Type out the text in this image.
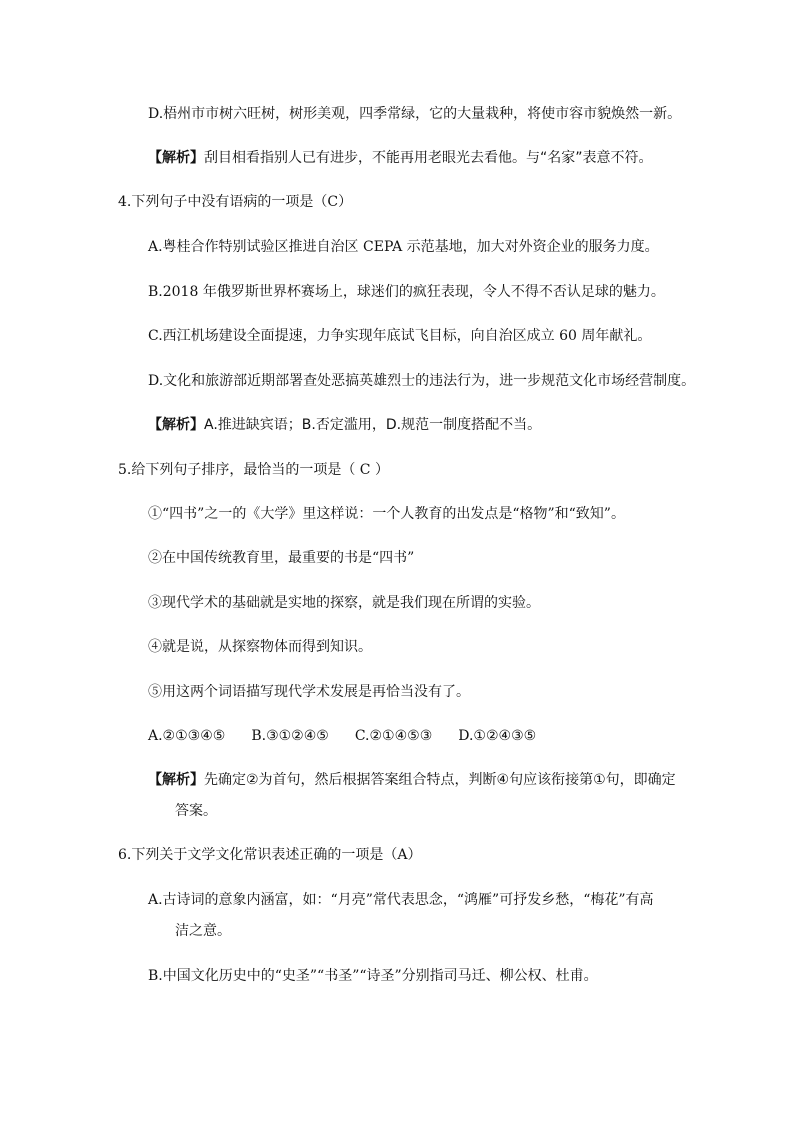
D.梧州市市树六旺树，树形美观，四季常绿，它的大量栽种，将使市容市貌焕然一新。
【解析】刮目相看指别人已有进步，不能再用老眼光去看他。与“名家”表意不符。
4.下列句子中没有语病的一项是（C）
A.粤桂合作特别试验区推进自治区 CEPA 示范基地，加大对外资企业的服务力度。
B.2018 年俄罗斯世界杯赛场上，球迷们的疯狂表现，令人不得不否认足球的魅力。
C.西江机场建设全面提速，力争实现年底试飞目标，向自治区成立 60 周年献礼。
D.文化和旅游部近期部署查处恶搞英雄烈士的违法行为，进一步规范文化市场经营制度。
【解析】A.推进缺宾语；B.否定滥用，D.规范一制度搭配不当。
5.给下列句子排序，最恰当的一项是（ C ）
①“四书”之一的《大学》里这样说：一个人教育的出发点是“格物”和“致知”。
②在中国传统教育里，最重要的书是“四书”
③现代学术的基础就是实地的探察，就是我们现在所谓的实验。
④就是说，从探察物体而得到知识。
⑤用这两个词语描写现代学术发展是再恰当没有了。
A.②①③④⑤ B.③①②④⑤ C.②①④⑤③ D.①②④③⑤
【解析】先确定②为首句，然后根据答案组合特点，判断④句应该衔接第①句，即确定
答案。
6.下列关于文学文化常识表述正确的一项是（A）
A.古诗词的意象内涵富，如：“月亮”常代表思念，“鸿雁”可抒发乡愁，“梅花”有高
洁之意。
B.中国文化历史中的“史圣”“书圣”“诗圣”分别指司马迁、柳公权、杜甫。
